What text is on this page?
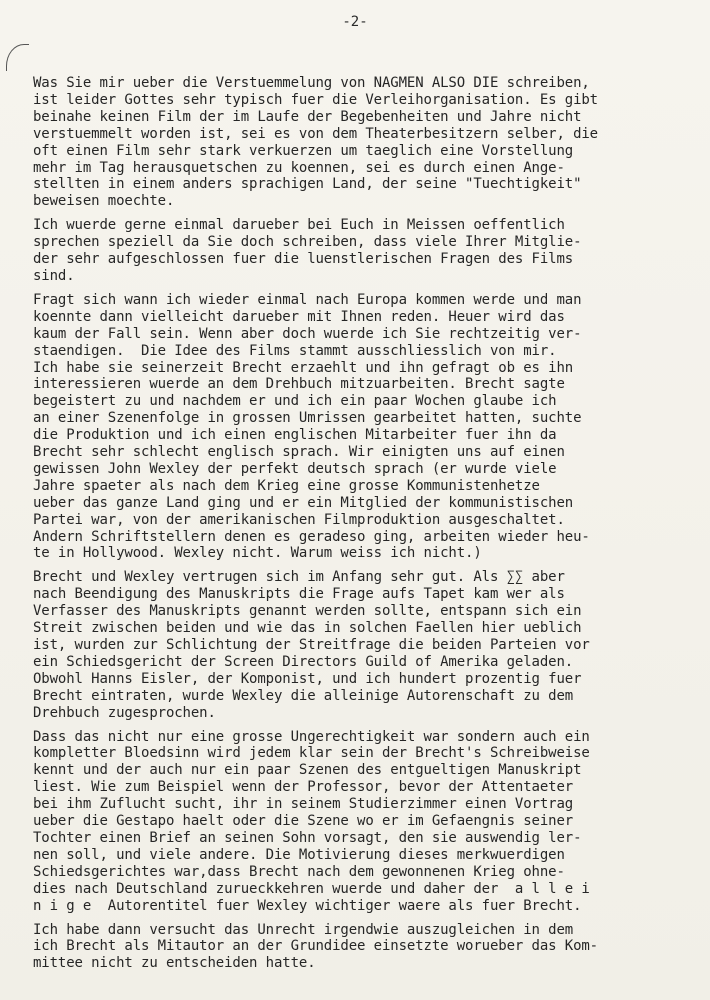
-2-
Was Sie mir ueber die Verstuemmelung von NAGMEN ALSO DIE schreiben,
ist leider Gottes sehr typisch fuer die Verleihorganisation. Es gibt
beinahe keinen Film der im Laufe der Begebenheiten und Jahre nicht
verstuemmelt worden ist, sei es von dem Theaterbesitzern selber, die
oft einen Film sehr stark verkuerzen um taeglich eine Vorstellung
mehr im Tag herausquetschen zu koennen, sei es durch einen Ange-
stellten in einem anders sprachigen Land, der seine "Tuechtigkeit"
beweisen moechte.
Ich wuerde gerne einmal darueber bei Euch in Meissen oeffentlich
sprechen speziell da Sie doch schreiben, dass viele Ihrer Mitglie-
der sehr aufgeschlossen fuer die luenstlerischen Fragen des Films
sind.
Fragt sich wann ich wieder einmal nach Europa kommen werde und man
koennte dann vielleicht darueber mit Ihnen reden. Heuer wird das
kaum der Fall sein. Wenn aber doch wuerde ich Sie rechtzeitig ver-
staendigen.  Die Idee des Films stammt ausschliesslich von mir.
Ich habe sie seinerzeit Brecht erzaehlt und ihn gefragt ob es ihn
interessieren wuerde an dem Drehbuch mitzuarbeiten. Brecht sagte
begeistert zu und nachdem er und ich ein paar Wochen glaube ich
an einer Szenenfolge in grossen Umrissen gearbeitet hatten, suchte
die Produktion und ich einen englischen Mitarbeiter fuer ihn da
Brecht sehr schlecht englisch sprach. Wir einigten uns auf einen
gewissen John Wexley der perfekt deutsch sprach (er wurde viele
Jahre spaeter als nach dem Krieg eine grosse Kommunistenhetze
ueber das ganze Land ging und er ein Mitglied der kommunistischen
Partei war, von der amerikanischen Filmproduktion ausgeschaltet.
Andern Schriftstellern denen es geradeso ging, arbeiten wieder heu-
te in Hollywood. Wexley nicht. Warum weiss ich nicht.)
Brecht und Wexley vertrugen sich im Anfang sehr gut. Als ∑∑ aber
nach Beendigung des Manuskripts die Frage aufs Tapet kam wer als
Verfasser des Manuskripts genannt werden sollte, entspann sich ein
Streit zwischen beiden und wie das in solchen Faellen hier ueblich
ist, wurden zur Schlichtung der Streitfrage die beiden Parteien vor
ein Schiedsgericht der Screen Directors Guild of Amerika geladen.
Obwohl Hanns Eisler, der Komponist, und ich hundert prozentig fuer
Brecht eintraten, wurde Wexley die alleinige Autorenschaft zu dem
Drehbuch zugesprochen.
Dass das nicht nur eine grosse Ungerechtigkeit war sondern auch ein
kompletter Bloedsinn wird jedem klar sein der Brecht's Schreibweise
kennt und der auch nur ein paar Szenen des entgueltigen Manuskript
liest. Wie zum Beispiel wenn der Professor, bevor der Attentaeter
bei ihm Zuflucht sucht, ihr in seinem Studierzimmer einen Vortrag
ueber die Gestapo haelt oder die Szene wo er im Gefaengnis seiner
Tochter einen Brief an seinen Sohn vorsagt, den sie auswendig ler-
nen soll, und viele andere. Die Motivierung dieses merkwuerdigen
Schiedsgerichtes war,dass Brecht nach dem gewonnenen Krieg ohne-
dies nach Deutschland zurueckkehren wuerde und daher der  a l l e i
n i g e  Autorentitel fuer Wexley wichtiger waere als fuer Brecht.
Ich habe dann versucht das Unrecht irgendwie auszugleichen in dem
ich Brecht als Mitautor an der Grundidee einsetzte worueber das Kom-
mittee nicht zu entscheiden hatte.
